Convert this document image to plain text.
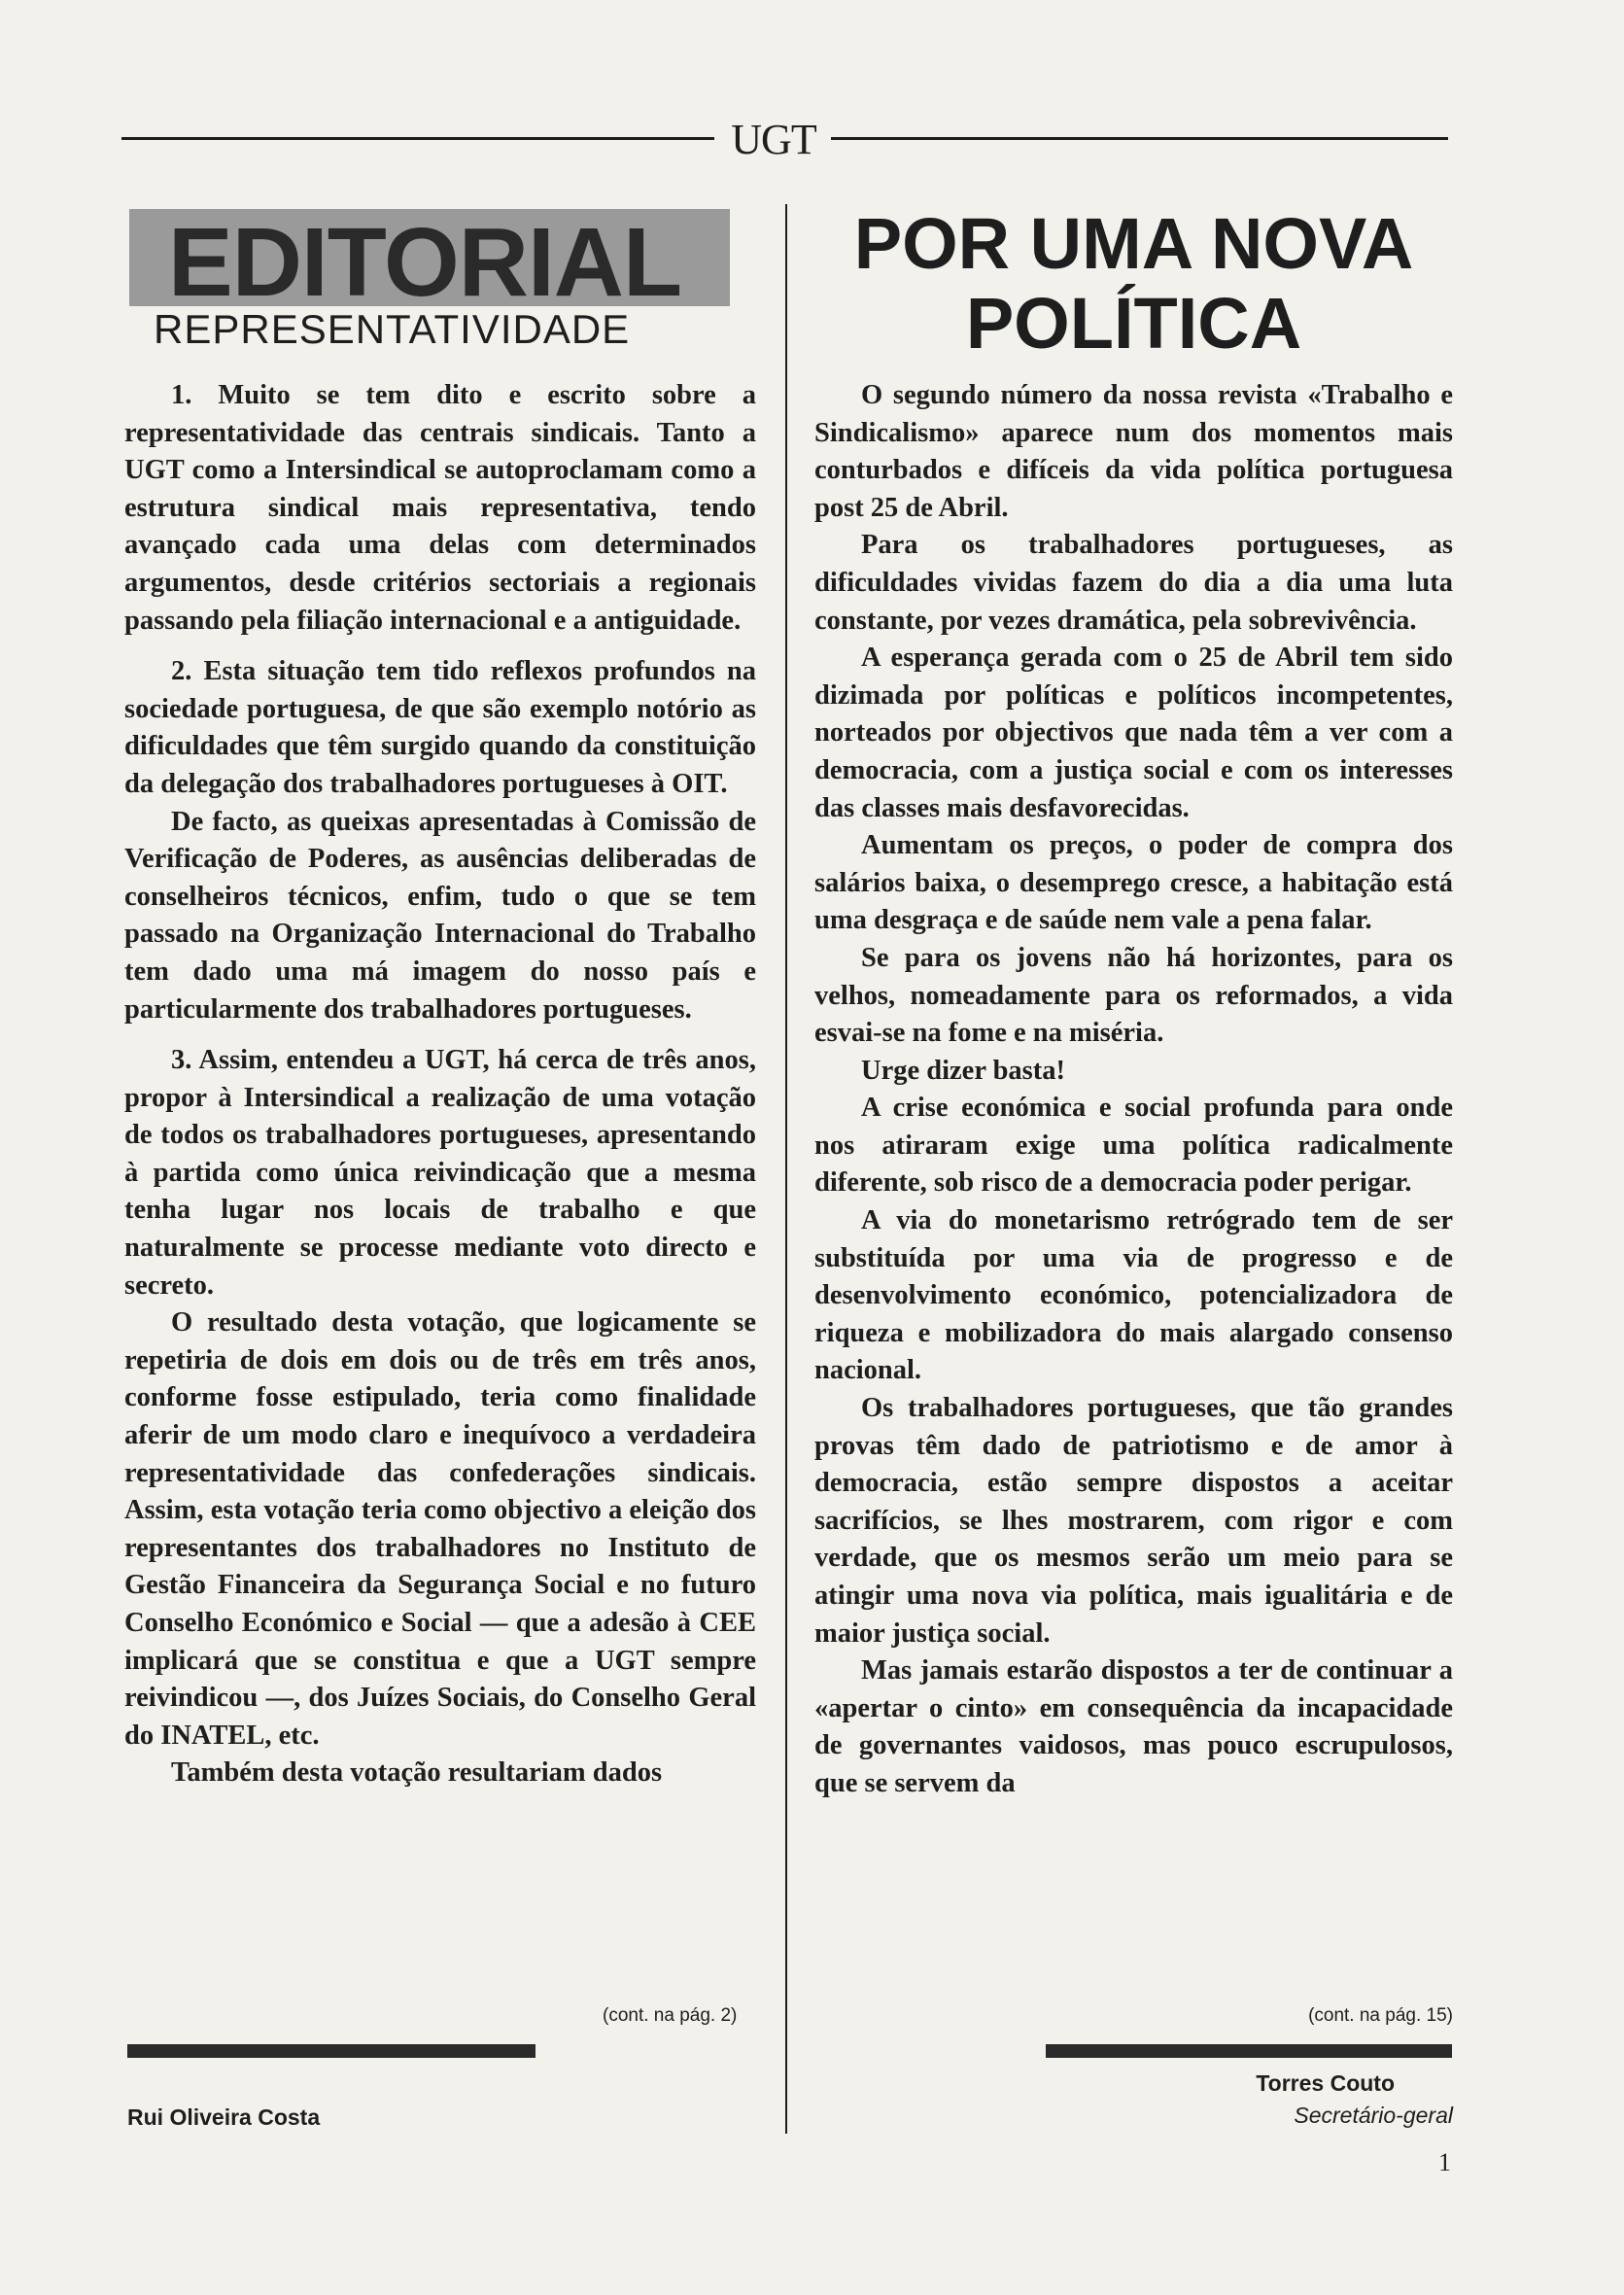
UGT
EDITORIAL
REPRESENTATIVIDADE

1. Muito se tem dito e escrito sobre a representatividade das centrais sindicais. Tanto a UGT como a Intersindical se autoproclamam como a estrutura sindical mais representativa, tendo avançado cada uma delas com determinados argumentos, desde critérios sectoriais a regionais passando pela filiação internacional e a antiguidade.

2. Esta situação tem tido reflexos profundos na sociedade portuguesa, de que são exemplo notório as dificuldades que têm surgido quando da constituição da delegação dos trabalhadores portugueses à OIT.

De facto, as queixas apresentadas à Comissão de Verificação de Poderes, as ausências deliberadas de conselheiros técnicos, enfim, tudo o que se tem passado na Organização Internacional do Trabalho tem dado uma má imagem do nosso país e particularmente dos trabalhadores portugueses.

3. Assim, entendeu a UGT, há cerca de três anos, propor à Intersindical a realização de uma votação de todos os trabalhadores portugueses, apresentando à partida como única reivindicação que a mesma tenha lugar nos locais de trabalho e que naturalmente se processe mediante voto directo e secreto.

O resultado desta votação, que logicamente se repetiria de dois em dois ou de três em três anos, conforme fosse estipulado, teria como finalidade aferir de um modo claro e inequívoco a verdadeira representatividade das confederações sindicais. Assim, esta votação teria como objectivo a eleição dos representantes dos trabalhadores no Instituto de Gestão Financeira da Segurança Social e no futuro Conselho Económico e Social — que a adesão à CEE implicará que se constitua e que a UGT sempre reivindicou —, dos Juízes Sociais, do Conselho Geral do INATEL, etc.

Também desta votação resultariam dados

(cont. na pág. 2)
Rui Oliveira Costa
POR UMA NOVA
POLÍTICA

O segundo número da nossa revista «Trabalho e Sindicalismo» aparece num dos momentos mais conturbados e difíceis da vida política portuguesa post 25 de Abril.

Para os trabalhadores portugueses, as dificuldades vividas fazem do dia a dia uma luta constante, por vezes dramática, pela sobrevivência.

A esperança gerada com o 25 de Abril tem sido dizimada por políticas e políticos incompetentes, norteados por objectivos que nada têm a ver com a democracia, com a justiça social e com os interesses das classes mais desfavorecidas.

Aumentam os preços, o poder de compra dos salários baixa, o desemprego cresce, a habitação está uma desgraça e de saúde nem vale a pena falar.

Se para os jovens não há horizontes, para os velhos, nomeadamente para os reformados, a vida esvai-se na fome e na miséria.

Urge dizer basta!

A crise económica e social profunda para onde nos atiraram exige uma política radicalmente diferente, sob risco de a democracia poder perigar.

A via do monetarismo retrógrado tem de ser substituída por uma via de progresso e de desenvolvimento económico, potencializadora de riqueza e mobilizadora do mais alargado consenso nacional.

Os trabalhadores portugueses, que tão grandes provas têm dado de patriotismo e de amor à democracia, estão sempre dispostos a aceitar sacrifícios, se lhes mostrarem, com rigor e com verdade, que os mesmos serão um meio para se atingir uma nova via política, mais igualitária e de maior justiça social.

Mas jamais estarão dispostos a ter de continuar a «apertar o cinto» em consequência da incapacidade de governantes vaidosos, mas pouco escrupulosos, que se servem da

(cont. na pág. 15)
Torres Couto
Secretário-geral
1
